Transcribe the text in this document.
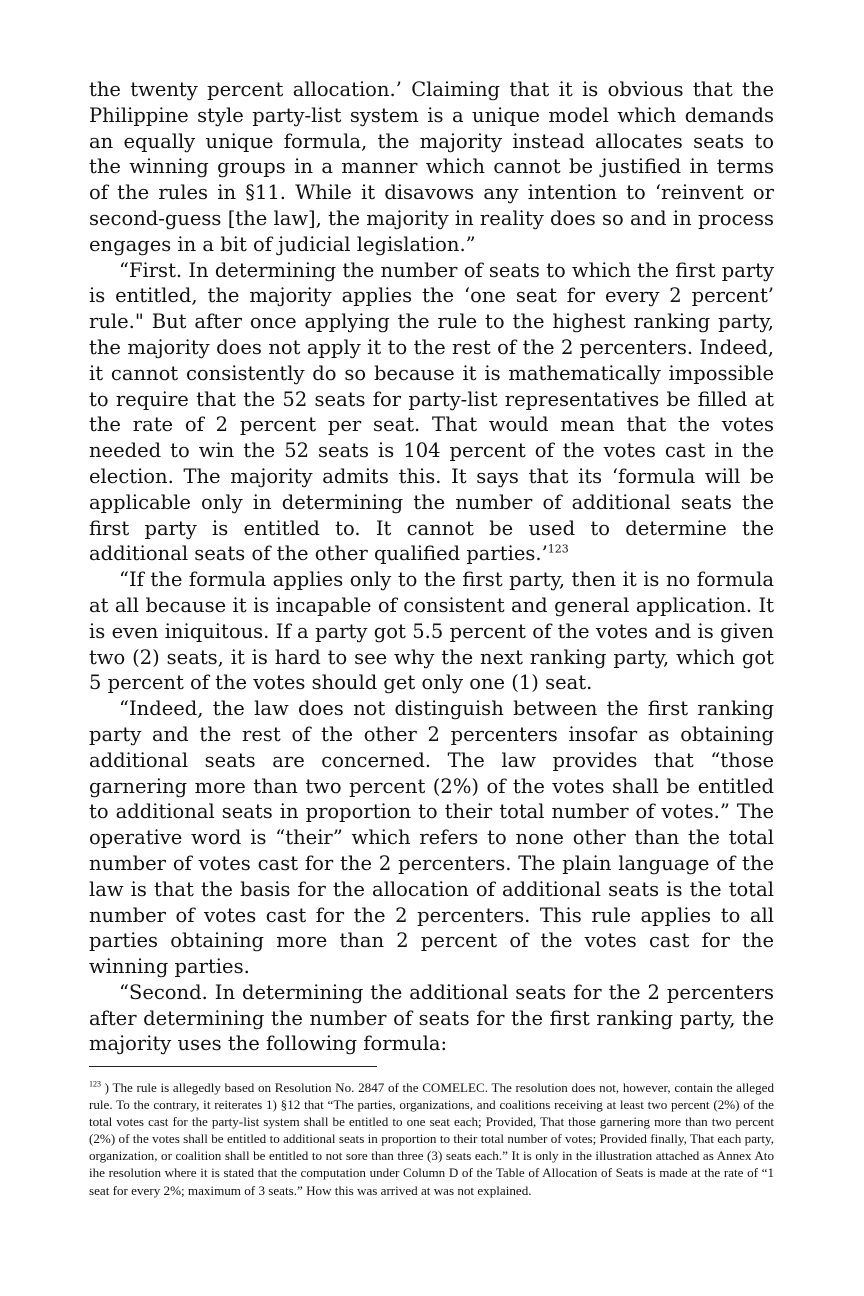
the twenty percent allocation.’ Claiming that it is obvious that the Philippine style party-list system is a unique model which demands an equally unique formula, the majority instead allocates seats to the winning groups in a manner which cannot be justified in terms of the rules in §11. While it disavows any intention to ‘reinvent or second-guess [the law], the majority in reality does so and in process engages in a bit of judicial legislation.”

“First. In determining the number of seats to which the first party is entitled, the majority applies the ‘one seat for every 2 percent’ rule." But after once applying the rule to the highest ranking party, the majority does not apply it to the rest of the 2 percenters. Indeed, it cannot consistently do so because it is mathematically impossible to require that the 52 seats for party-list representatives be filled at the rate of 2 percent per seat. That would mean that the votes needed to win the 52 seats is 104 percent of the votes cast in the election. The majority admits this. It says that its ‘formula will be applicable only in determining the number of additional seats the first party is entitled to. It cannot be used to determine the additional seats of the other qualified parties.’$^{123}$

“If the formula applies only to the first party, then it is no formula at all because it is incapable of consistent and general application. It is even iniquitous. If a party got 5.5 percent of the votes and is given two (2) seats, it is hard to see why the next ranking party, which got 5 percent of the votes should get only one (1) seat.

“Indeed, the law does not distinguish between the first ranking party and the rest of the other 2 percenters insofar as obtaining additional seats are concerned. The law provides that “those garnering more than two percent (2%) of the votes shall be entitled to additional seats in proportion to their total number of votes.” The operative word is “their” which refers to none other than the total number of votes cast for the 2 percenters. The plain language of the law is that the basis for the allocation of additional seats is the total number of votes cast for the 2 percenters. This rule applies to all parties obtaining more than 2 percent of the votes cast for the winning parties.

“Second. In determining the additional seats for the 2 percenters after determining the number of seats for the first ranking party, the majority uses the following formula:

$^{123}$ ) The rule is allegedly based on Resolution No. 2847 of the COMELEC. The resolution does not, however, contain the alleged rule. To the contrary, it reiterates 1) §12 that “The parties, organizations, and coalitions receiving at least two percent (2%) of the total votes cast for the party-list system shall be entitled to one seat each; Provided, That those garnering more than two percent (2%) of the votes shall be entitled to additional seats in proportion to their total number of votes; Provided finally, That each party, organization, or coalition shall be entitled to not sore than three (3) seats each.” It is only in the illustration attached as Annex Ato ihe resolution where it is stated that the computation under Column D of the Table of Allocation of Seats is made at the rate of “1 seat for every 2%; maximum of 3 seats.” How this was arrived at was not explained.
